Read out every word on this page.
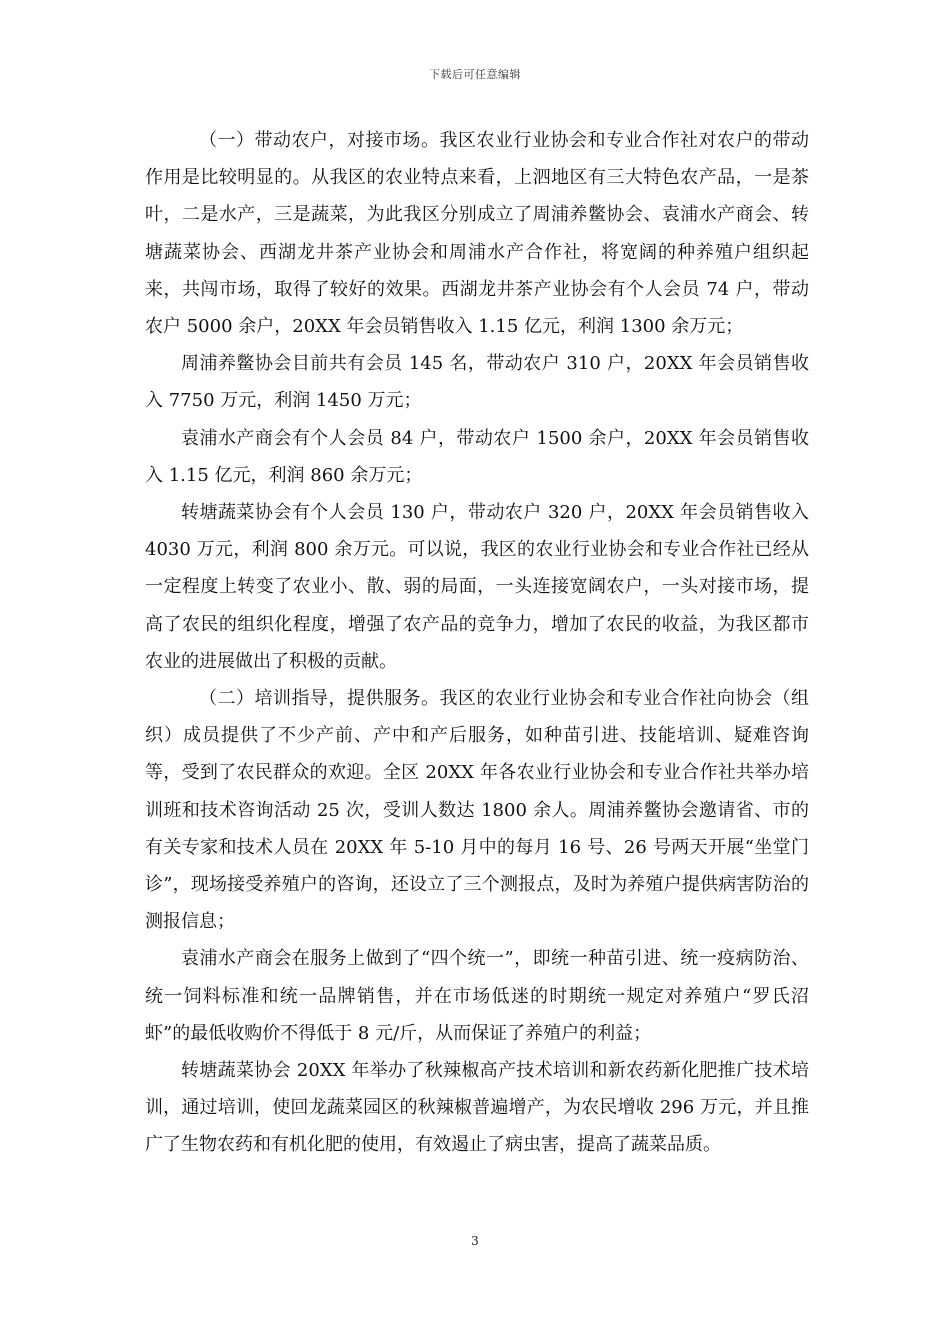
下载后可任意编辑

（一）带动农户，对接市场。我区农业行业协会和专业合作社对农户的带动作用是比较明显的。从我区的农业特点来看，上泗地区有三大特色农产品，一是茶叶，二是水产，三是蔬菜，为此我区分别成立了周浦养鳖协会、袁浦水产商会、转塘蔬菜协会、西湖龙井茶产业协会和周浦水产合作社，将宽阔的种养殖户组织起来，共闯市场，取得了较好的效果。西湖龙井茶产业协会有个人会员 74 户，带动农户 5000 余户，20XX 年会员销售收入 1.15 亿元，利润 1300 余万元；

周浦养鳖协会目前共有会员 145 名，带动农户 310 户，20XX 年会员销售收入 7750 万元，利润 1450 万元；

袁浦水产商会有个人会员 84 户，带动农户 1500 余户，20XX 年会员销售收入 1.15 亿元，利润 860 余万元；

转塘蔬菜协会有个人会员 130 户，带动农户 320 户，20XX 年会员销售收入 4030 万元，利润 800 余万元。可以说，我区的农业行业协会和专业合作社已经从一定程度上转变了农业小、散、弱的局面，一头连接宽阔农户，一头对接市场，提高了农民的组织化程度，增强了农产品的竞争力，增加了农民的收益，为我区都市农业的进展做出了积极的贡献。

（二）培训指导，提供服务。我区的农业行业协会和专业合作社向协会（组织）成员提供了不少产前、产中和产后服务，如种苗引进、技能培训、疑难咨询等，受到了农民群众的欢迎。全区 20XX 年各农业行业协会和专业合作社共举办培训班和技术咨询活动 25 次，受训人数达 1800 余人。周浦养鳖协会邀请省、市的有关专家和技术人员在 20XX 年 5-10 月中的每月 16 号、26 号两天开展“坐堂门诊”，现场接受养殖户的咨询，还设立了三个测报点，及时为养殖户提供病害防治的测报信息；

袁浦水产商会在服务上做到了“四个统一”，即统一种苗引进、统一疫病防治、统一饲料标准和统一品牌销售，并在市场低迷的时期统一规定对养殖户“罗氏沼虾”的最低收购价不得低于 8 元/斤，从而保证了养殖户的利益；

转塘蔬菜协会 20XX 年举办了秋辣椒高产技术培训和新农药新化肥推广技术培训，通过培训，使回龙蔬菜园区的秋辣椒普遍增产，为农民增收 296 万元，并且推广了生物农药和有机化肥的使用，有效遏止了病虫害，提高了蔬菜品质。

3
